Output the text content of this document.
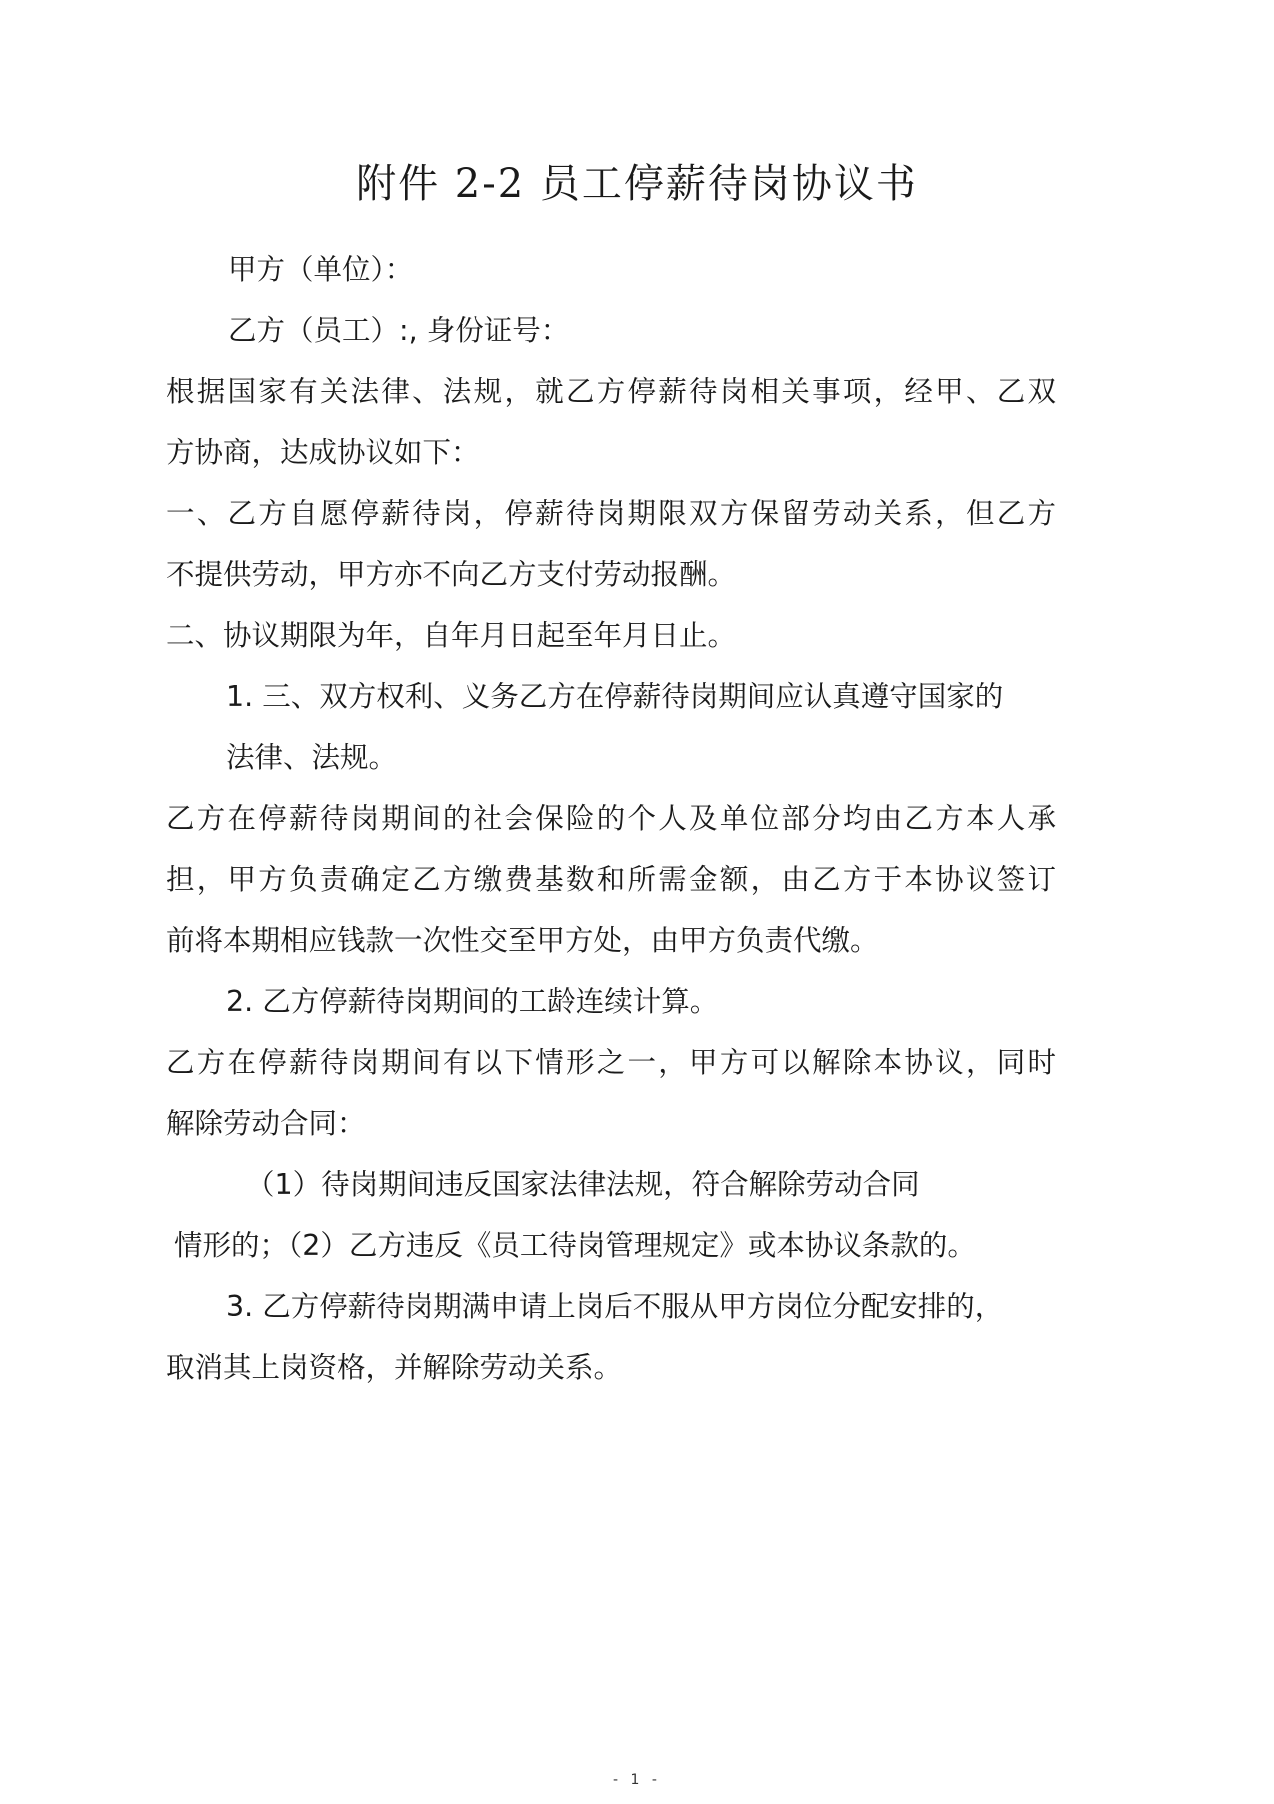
附件 2-2 员工停薪待岗协议书
甲方（单位）：
乙方（员工）:, 身份证号：
根据国家有关法律、法规，就乙方停薪待岗相关事项，经甲、乙双
方协商，达成协议如下：
一、乙方自愿停薪待岗，停薪待岗期限双方保留劳动关系，但乙方
不提供劳动，甲方亦不向乙方支付劳动报酬。
二、协议期限为年，自年月日起至年月日止。
1. 三、双方权利、义务乙方在停薪待岗期间应认真遵守国家的
法律、法规。
乙方在停薪待岗期间的社会保险的个人及单位部分均由乙方本人承
担，甲方负责确定乙方缴费基数和所需金额，由乙方于本协议签订
前将本期相应钱款一次性交至甲方处，由甲方负责代缴。
2. 乙方停薪待岗期间的工龄连续计算。
乙方在停薪待岗期间有以下情形之一，甲方可以解除本协议，同时
解除劳动合同：
（1）待岗期间违反国家法律法规，符合解除劳动合同
情形的；（2）乙方违反《员工待岗管理规定》或本协议条款的。
3. 乙方停薪待岗期满申请上岗后不服从甲方岗位分配安排的，
取消其上岗资格，并解除劳动关系。
- 1 -
